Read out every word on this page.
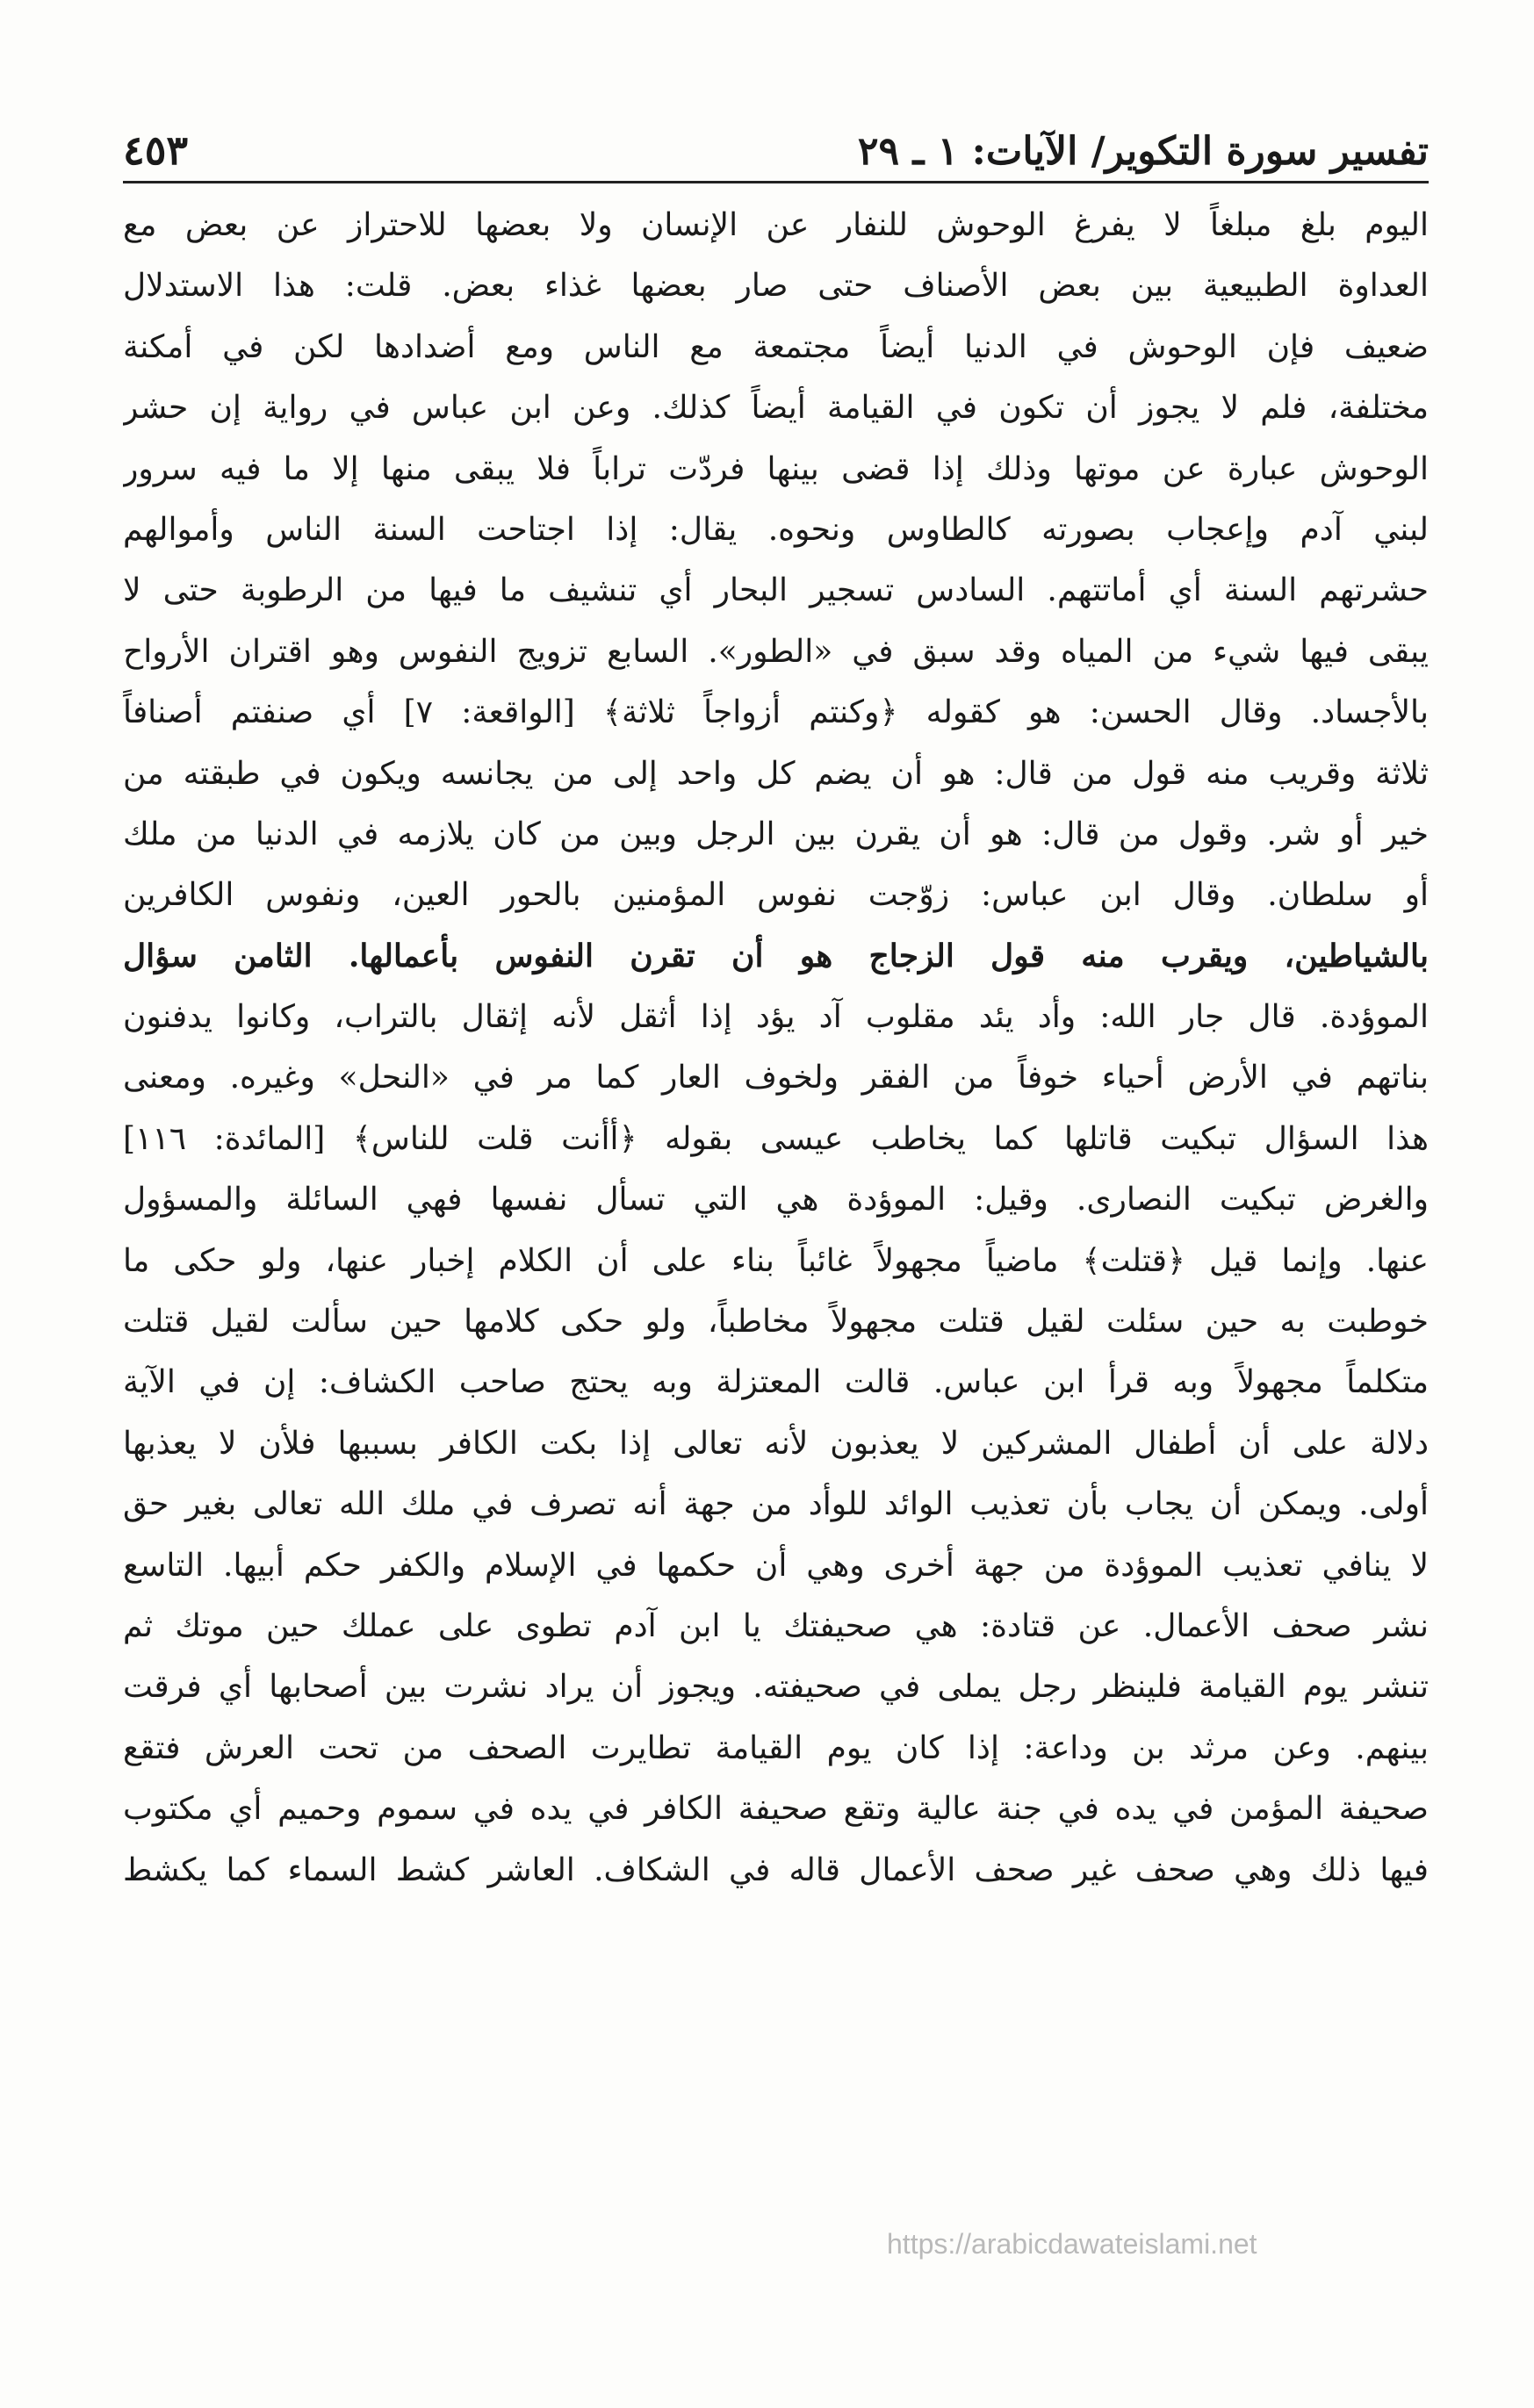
تفسير سورة التكوير/ الآيات: ١ ـ ٢٩
٤٥٣
اليوم بلغ مبلغاً لا يفرغ الوحوش للنفار عن الإنسان ولا بعضها للاحتراز عن بعض مع
العداوة الطبيعية بين بعض الأصناف حتى صار بعضها غذاء بعض. قلت: هذا الاستدلال
ضعيف فإن الوحوش في الدنيا أيضاً مجتمعة مع الناس ومع أضدادها لكن في أمكنة
مختلفة، فلم لا يجوز أن تكون في القيامة أيضاً كذلك. وعن ابن عباس في رواية إن حشر
الوحوش عبارة عن موتها وذلك إذا قضى بينها فردّت تراباً فلا يبقى منها إلا ما فيه سرور
لبني آدم وإعجاب بصورته كالطاوس ونحوه. يقال: إذا اجتاحت السنة الناس وأموالهم
حشرتهم السنة أي أماتتهم. السادس تسجير البحار أي تنشيف ما فيها من الرطوبة حتى لا
يبقى فيها شيء من المياه وقد سبق في «الطور». السابع تزويج النفوس وهو اقتران الأرواح
بالأجساد. وقال الحسن: هو كقوله ﴿وكنتم أزواجاً ثلاثة﴾ [الواقعة: ٧] أي صنفتم أصنافاً
ثلاثة وقريب منه قول من قال: هو أن يضم كل واحد إلى من يجانسه ويكون في طبقته من
خير أو شر. وقول من قال: هو أن يقرن بين الرجل وبين من كان يلازمه في الدنيا من ملك
أو سلطان. وقال ابن عباس: زوّجت نفوس المؤمنين بالحور العين، ونفوس الكافرين
بالشياطين، ويقرب منه قول الزجاج هو أن تقرن النفوس بأعمالها. الثامن سؤال
الموؤدة. قال جار الله: وأد يئد مقلوب آد يؤد إذا أثقل لأنه إثقال بالتراب، وكانوا يدفنون
بناتهم في الأرض أحياء خوفاً من الفقر ولخوف العار كما مر في «النحل» وغيره. ومعنى
هذا السؤال تبكيت قاتلها كما يخاطب عيسى بقوله ﴿أأنت قلت للناس﴾ [المائدة: ١١٦]
والغرض تبكيت النصارى. وقيل: الموؤدة هي التي تسأل نفسها فهي السائلة والمسؤول
عنها. وإنما قيل ﴿قتلت﴾ ماضياً مجهولاً غائباً بناء على أن الكلام إخبار عنها، ولو حكى ما
خوطبت به حين سئلت لقيل قتلت مجهولاً مخاطباً، ولو حكى كلامها حين سألت لقيل قتلت
متكلماً مجهولاً وبه قرأ ابن عباس. قالت المعتزلة وبه يحتج صاحب الكشاف: إن في الآية
دلالة على أن أطفال المشركين لا يعذبون لأنه تعالى إذا بكت الكافر بسببها فلأن لا يعذبها
أولى. ويمكن أن يجاب بأن تعذيب الوائد للوأد من جهة أنه تصرف في ملك الله تعالى بغير حق
لا ينافي تعذيب الموؤدة من جهة أخرى وهي أن حكمها في الإسلام والكفر حكم أبيها. التاسع
نشر صحف الأعمال. عن قتادة: هي صحيفتك يا ابن آدم تطوى على عملك حين موتك ثم
تنشر يوم القيامة فلينظر رجل يملى في صحيفته. ويجوز أن يراد نشرت بين أصحابها أي فرقت
بينهم. وعن مرثد بن وداعة: إذا كان يوم القيامة تطايرت الصحف من تحت العرش فتقع
صحيفة المؤمن في يده في جنة عالية وتقع صحيفة الكافر في يده في سموم وحميم أي مكتوب
فيها ذلك وهي صحف غير صحف الأعمال قاله في الشكاف. العاشر كشط السماء كما يكشط
https://arabicdawateislami.net
